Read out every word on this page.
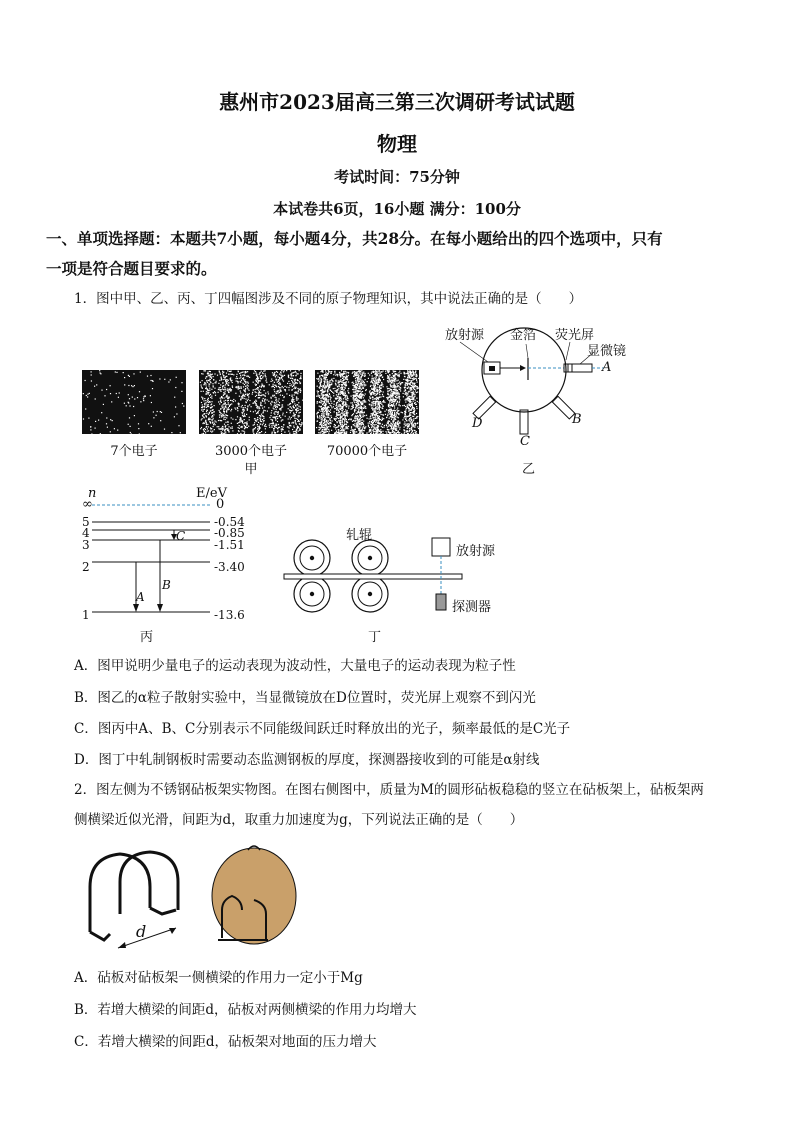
惠州市2023届高三第三次调研考试试题
物理
考试时间：75分钟
本试卷共6页，16小题 满分：100分
一、单项选择题：本题共7小题，每小题4分，共28分。在每小题给出的四个选项中，只有
一项是符合题目要求的。
1．图中甲、乙、丙、丁四幅图涉及不同的原子物理知识，其中说法正确的是（　　）
7个电子	3000个电子	70000个电子
甲
放射源 金箔 荧光屏
显微镜
A
B
C
D
乙
n	E/eV
∞	0
5	-0.54
4	-0.85
3	-1.51
2	-3.40
1	-13.6
A
B
C
丙
轧辊
放射源
探测器
丁
A．图甲说明少量电子的运动表现为波动性，大量电子的运动表现为粒子性
B．图乙的α粒子散射实验中，当显微镜放在D位置时，荧光屏上观察不到闪光
C．图丙中A、B、C分别表示不同能级间跃迁时释放出的光子，频率最低的是C光子
D．图丁中轧制钢板时需要动态监测钢板的厚度，探测器接收到的可能是α射线
2．图左侧为不锈钢砧板架实物图。在图右侧图中，质量为M的圆形砧板稳稳的竖立在砧板架上，砧板架两
侧横梁近似光滑，间距为d，取重力加速度为g，下列说法正确的是（　　）
d
A．砧板对砧板架一侧横梁的作用力一定小于Mg
B．若增大横梁的间距d，砧板对两侧横梁的作用力均增大
C．若增大横梁的间距d，砧板架对地面的压力增大
